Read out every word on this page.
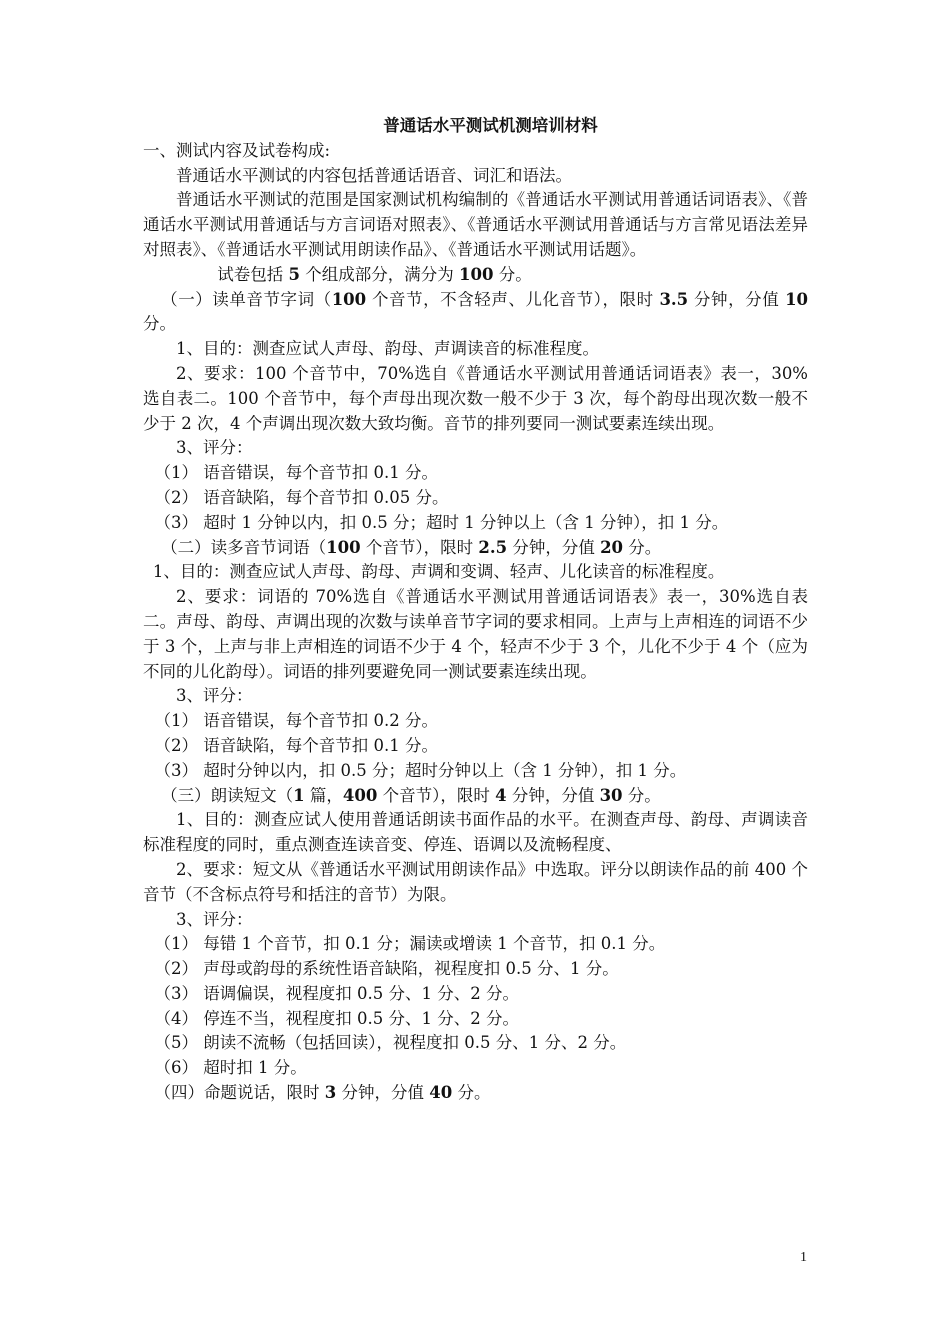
普通话水平测试机测培训材料

一、测试内容及试卷构成:

普通话水平测试的内容包括普通话语音、词汇和语法。

普通话水平测试的范围是国家测试机构编制的《普通话水平测试用普通话词语表》、《普通话水平测试用普通话与方言词语对照表》、《普通话水平测试用普通话与方言常见语法差异对照表》、《普通话水平测试用朗读作品》、《普通话水平测试用话题》。

试卷包括 5 个组成部分，满分为 100 分。

（一）读单音节字词（100 个音节，不含轻声、儿化音节），限时 3.5 分钟，分值 10 分。

1、目的：测查应试人声母、韵母、声调读音的标准程度。

2、要求：100 个音节中，70%选自《普通话水平测试用普通话词语表》表一，30%选自表二。100 个音节中，每个声母出现次数一般不少于 3 次，每个韵母出现次数一般不少于 2 次，4 个声调出现次数大致均衡。音节的排列要同一测试要素连续出现。

3、评分：

（1） 语音错误，每个音节扣 0.1 分。

（2） 语音缺陷，每个音节扣 0.05 分。

（3） 超时 1 分钟以内，扣 0.5 分；超时 1 分钟以上（含 1 分钟），扣 1 分。

（二）读多音节词语（100 个音节），限时 2.5 分钟，分值 20 分。

1、目的：测查应试人声母、韵母、声调和变调、轻声、儿化读音的标准程度。

2、要求：词语的 70%选自《普通话水平测试用普通话词语表》表一，30%选自表二。声母、韵母、声调出现的次数与读单音节字词的要求相同。上声与上声相连的词语不少于 3 个，上声与非上声相连的词语不少于 4 个，轻声不少于 3 个，儿化不少于 4 个（应为不同的儿化韵母）。词语的排列要避免同一测试要素连续出现。

3、评分：

（1） 语音错误，每个音节扣 0.2 分。

（2） 语音缺陷，每个音节扣 0.1 分。

（3） 超时分钟以内，扣 0.5 分；超时分钟以上（含 1 分钟），扣 1 分。

（三）朗读短文（1 篇，400 个音节），限时 4 分钟，分值 30 分。

1、目的：测查应试人使用普通话朗读书面作品的水平。在测查声母、韵母、声调读音标准程度的同时，重点测查连读音变、停连、语调以及流畅程度、

2、要求：短文从《普通话水平测试用朗读作品》中选取。评分以朗读作品的前 400 个音节（不含标点符号和括注的音节）为限。

3、评分：

（1） 每错 1 个音节，扣 0.1 分；漏读或增读 1 个音节，扣 0.1 分。

（2） 声母或韵母的系统性语音缺陷，视程度扣 0.5 分、1 分。

（3） 语调偏误，视程度扣 0.5 分、1 分、2 分。

（4） 停连不当，视程度扣 0.5 分、1 分、2 分。

（5） 朗读不流畅（包括回读），视程度扣 0.5 分、1 分、2 分。

（6） 超时扣 1 分。

（四）命题说话，限时 3 分钟，分值 40 分。

1
